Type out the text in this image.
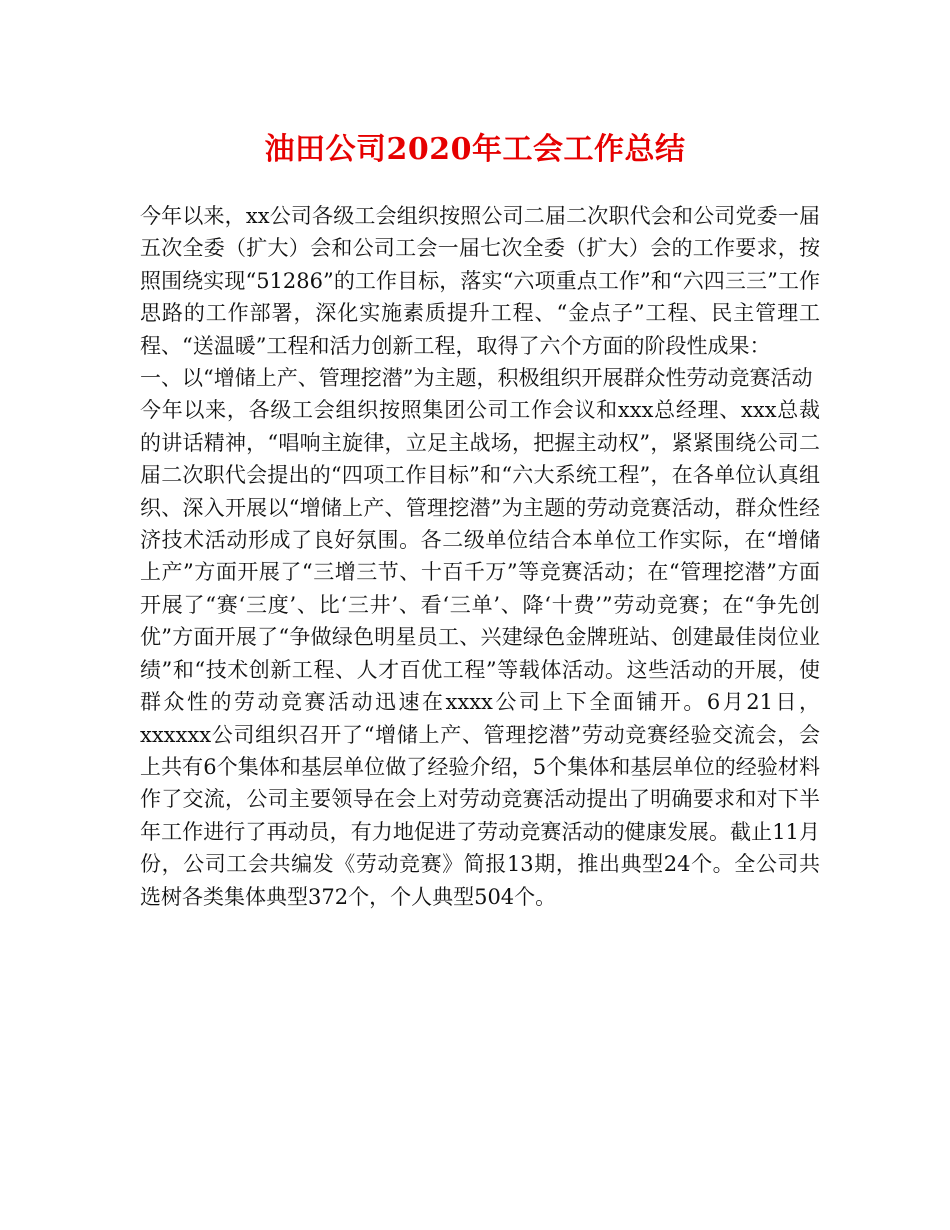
油田公司2020年工会工作总结

今年以来，xx公司各级工会组织按照公司二届二次职代会和公司党委一届五次全委（扩大）会和公司工会一届七次全委（扩大）会的工作要求，按照围绕实现“51286”的工作目标，落实“六项重点工作”和“六四三三”工作思路的工作部署，深化实施素质提升工程、“金点子”工程、民主管理工程、“送温暖”工程和活力创新工程，取得了六个方面的阶段性成果：

一、以“增储上产、管理挖潜”为主题，积极组织开展群众性劳动竞赛活动

今年以来，各级工会组织按照集团公司工作会议和xxx总经理、xxx总裁的讲话精神，“唱响主旋律，立足主战场，把握主动权”，紧紧围绕公司二届二次职代会提出的“四项工作目标”和“六大系统工程”，在各单位认真组织、深入开展以“增储上产、管理挖潜”为主题的劳动竞赛活动，群众性经济技术活动形成了良好氛围。各二级单位结合本单位工作实际，在“增储上产”方面开展了“三增三节、十百千万”等竞赛活动；在“管理挖潜”方面开展了“赛‘三度’、比‘三井’、看‘三单’、降‘十费’”劳动竞赛；在“争先创优”方面开展了“争做绿色明星员工、兴建绿色金牌班站、创建最佳岗位业绩”和“技术创新工程、人才百优工程”等载体活动。这些活动的开展，使群众性的劳动竞赛活动迅速在xxxx公司上下全面铺开。6月21日，xxxxxx公司组织召开了“增储上产、管理挖潜”劳动竞赛经验交流会，会上共有6个集体和基层单位做了经验介绍，5个集体和基层单位的经验材料作了交流，公司主要领导在会上对劳动竞赛活动提出了明确要求和对下半年工作进行了再动员，有力地促进了劳动竞赛活动的健康发展。截止11月份，公司工会共编发《劳动竞赛》简报13期，推出典型24个。全公司共选树各类集体典型372个，个人典型504个。
